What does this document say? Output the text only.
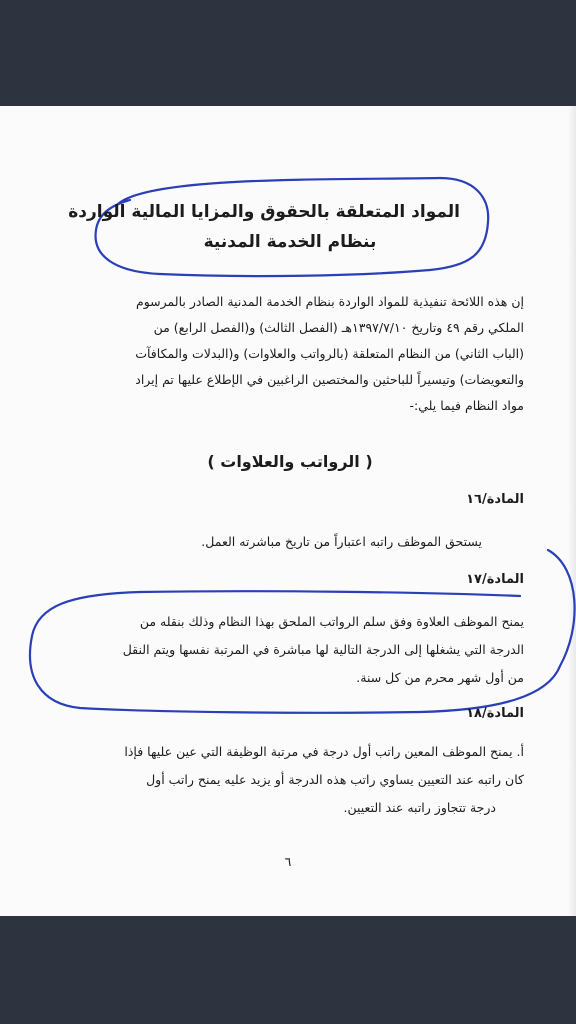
المواد المتعلقة بالحقوق والمزايا المالية الواردة
بنظام الخدمة المدنية
إن هذه اللائحة تنفيذية للمواد الواردة بنظام الخدمة المدنية الصادر بالمرسوم
الملكي رقم ٤٩ وتاريخ ١٣٩٧/٧/١٠هـ (الفصل الثالث) و(الفصل الرابع) من
(الباب الثاني) من النظام المتعلقة (بالرواتب والعلاوات) و(البدلات والمكافآت
والتعويضات) وتيسيراً للباحثين والمختصين الراغبين في الإطلاع عليها تم إيراد
مواد النظام فيما يلي:-
( الرواتب والعلاوات )
المادة/١٦
يستحق الموظف راتبه اعتباراً من تاريخ مباشرته العمل.
المادة/١٧
يمنح الموظف العلاوة وفق سلم الرواتب الملحق بهذا النظام وذلك بنقله من
الدرجة التي يشغلها إلى الدرجة التالية لها مباشرة في المرتبة نفسها ويتم النقل
من أول شهر محرم من كل سنة.
المادة/١٨
أ. يمنح الموظف المعين راتب أول درجة في مرتبة الوظيفة التي عين عليها فإذا
كان راتبه عند التعيين يساوي راتب هذه الدرجة أو يزيد عليه يمنح راتب أول
درجة تتجاوز راتبه عند التعيين.
٦
